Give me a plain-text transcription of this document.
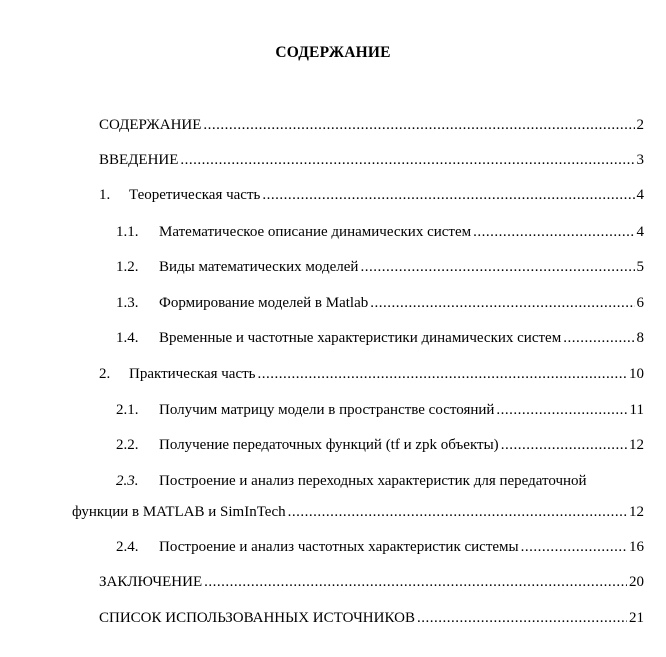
СОДЕРЖАНИЕ
СОДЕРЖАНИЕ .....	2
ВВЕДЕНИЕ .....	3
1.	Теоретическая часть .....	4
1.1.	Математическое описание динамических систем .....	4
1.2.	Виды математических моделей .....	5
1.3.	Формирование моделей в Matlab .....	6
1.4.	Временные и частотные характеристики динамических систем .....	8
2.	Практическая часть .....	10
2.1.	Получим матрицу модели в пространстве состояний .....	11
2.2.	Получение передаточных функций (tf и zpk объекты) .....	12
2.3. Построение и анализ переходных характеристик для передаточной
функции в MATLAB и SimInTech .....	12
2.4.	Построение и анализ частотных характеристик системы .....	16
ЗАКЛЮЧЕНИЕ .....	20
СПИСОК ИСПОЛЬЗОВАННЫХ ИСТОЧНИКОВ .....	21
